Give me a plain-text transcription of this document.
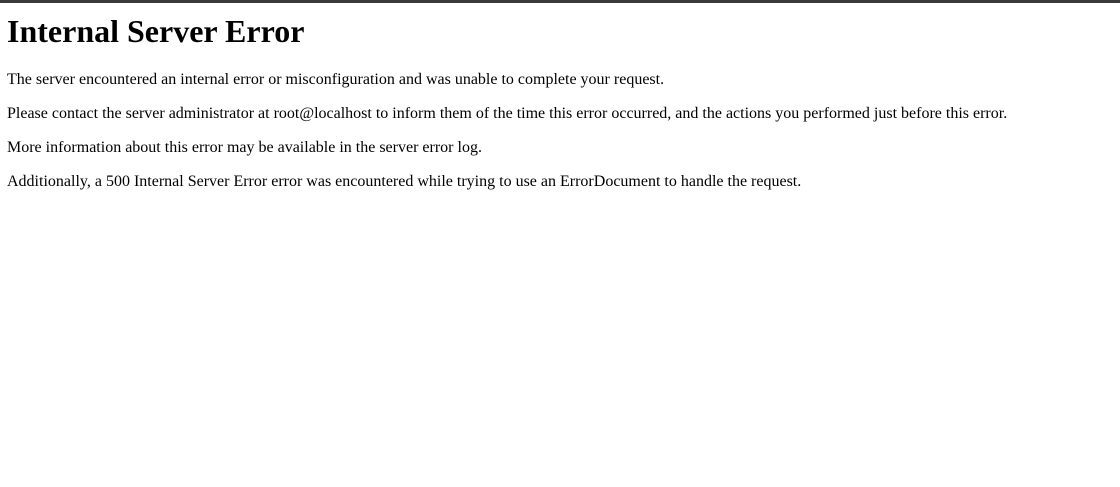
Internal Server Error

The server encountered an internal error or misconfiguration and was unable to complete your request.

Please contact the server administrator at root@localhost to inform them of the time this error occurred, and the actions you performed just before this error.

More information about this error may be available in the server error log.

Additionally, a 500 Internal Server Error error was encountered while trying to use an ErrorDocument to handle the request.
